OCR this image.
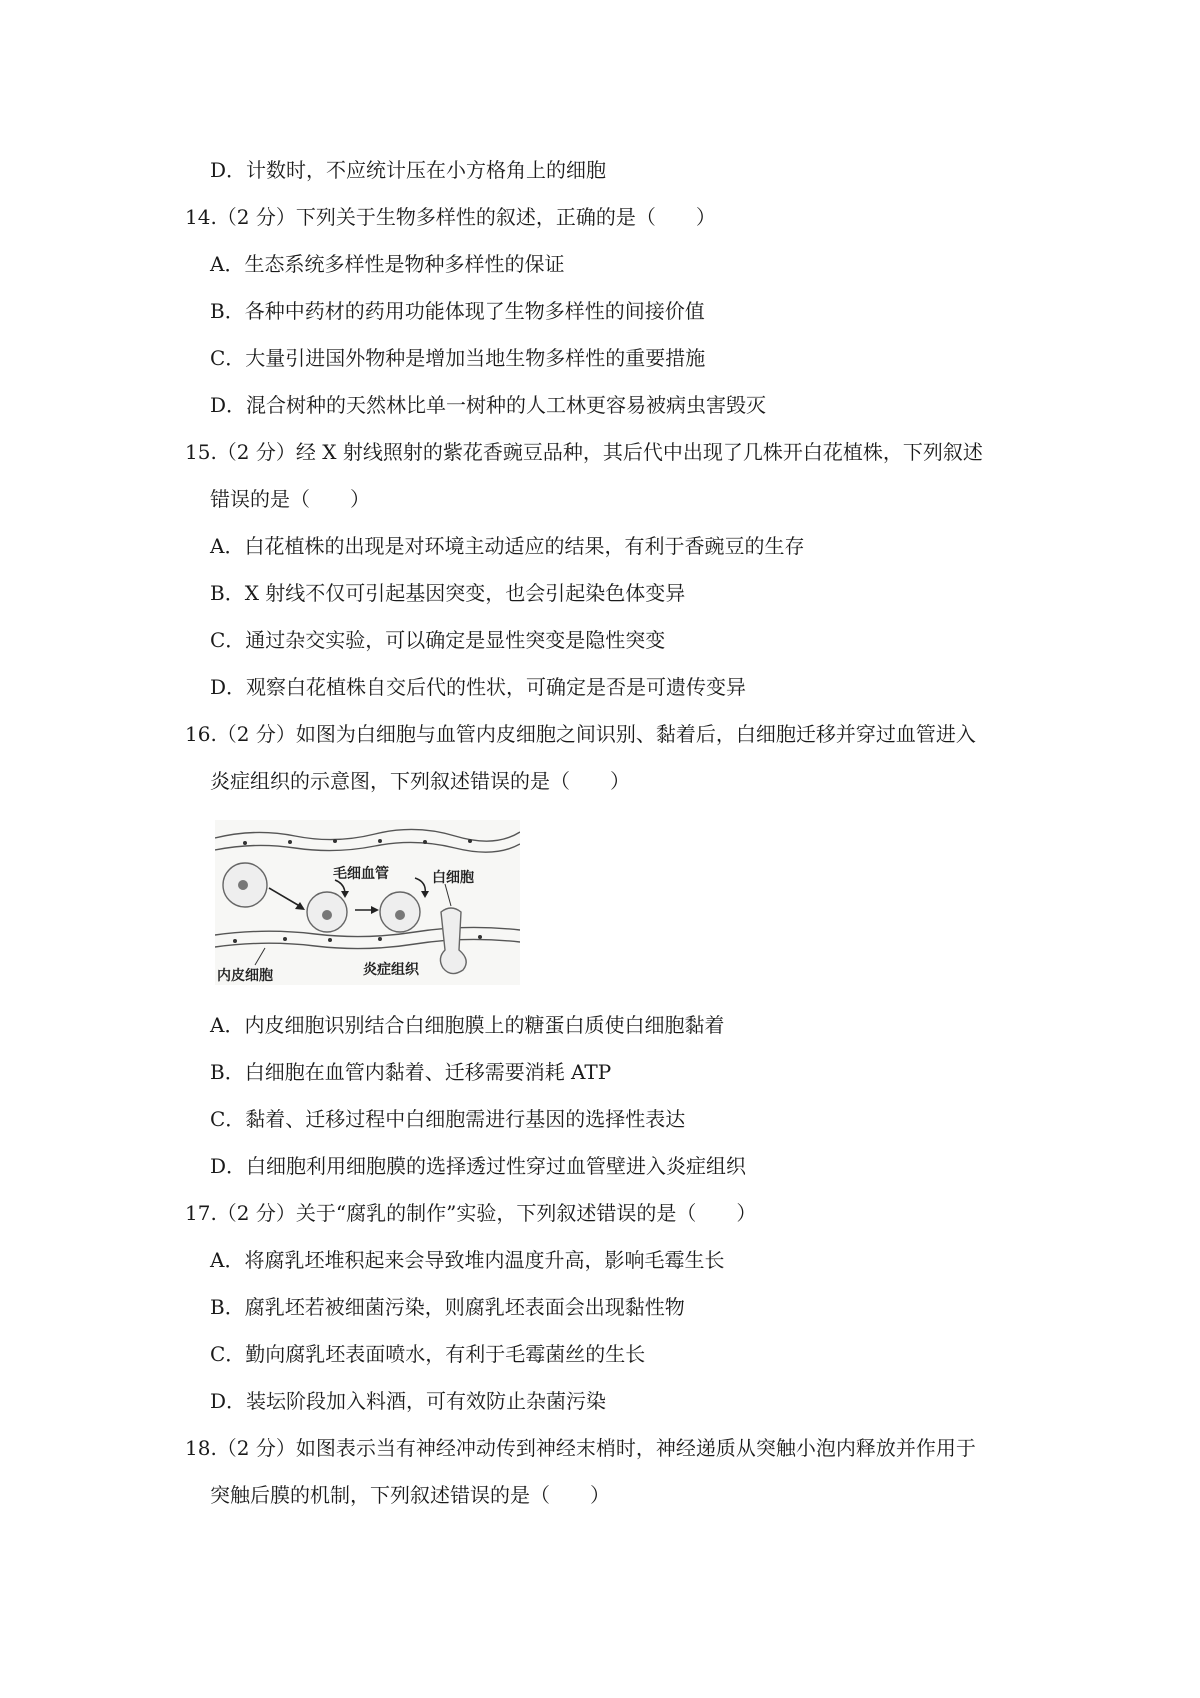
D．计数时，不应统计压在小方格角上的细胞
14.（2 分）下列关于生物多样性的叙述，正确的是（　　）
A．生态系统多样性是物种多样性的保证
B．各种中药材的药用功能体现了生物多样性的间接价值
C．大量引进国外物种是增加当地生物多样性的重要措施
D．混合树种的天然林比单一树种的人工林更容易被病虫害毁灭
15.（2 分）经 X 射线照射的紫花香豌豆品种，其后代中出现了几株开白花植株，下列叙述
错误的是（　　）
A．白花植株的出现是对环境主动适应的结果，有利于香豌豆的生存
B．X 射线不仅可引起基因突变，也会引起染色体变异
C．通过杂交实验，可以确定是显性突变是隐性突变
D．观察白花植株自交后代的性状，可确定是否是可遗传变异
16.（2 分）如图为白细胞与血管内皮细胞之间识别、黏着后，白细胞迁移并穿过血管进入
炎症组织的示意图，下列叙述错误的是（　　）
毛细血管	白细胞
内皮细胞	炎症组织
A．内皮细胞识别结合白细胞膜上的糖蛋白质使白细胞黏着
B．白细胞在血管内黏着、迁移需要消耗 ATP
C．黏着、迁移过程中白细胞需进行基因的选择性表达
D．白细胞利用细胞膜的选择透过性穿过血管壁进入炎症组织
17.（2 分）关于“腐乳的制作”实验，下列叙述错误的是（　　）
A．将腐乳坯堆积起来会导致堆内温度升高，影响毛霉生长
B．腐乳坯若被细菌污染，则腐乳坯表面会出现黏性物
C．勤向腐乳坯表面喷水，有利于毛霉菌丝的生长
D．装坛阶段加入料酒，可有效防止杂菌污染
18.（2 分）如图表示当有神经冲动传到神经末梢时，神经递质从突触小泡内释放并作用于
突触后膜的机制，下列叙述错误的是（　　）
